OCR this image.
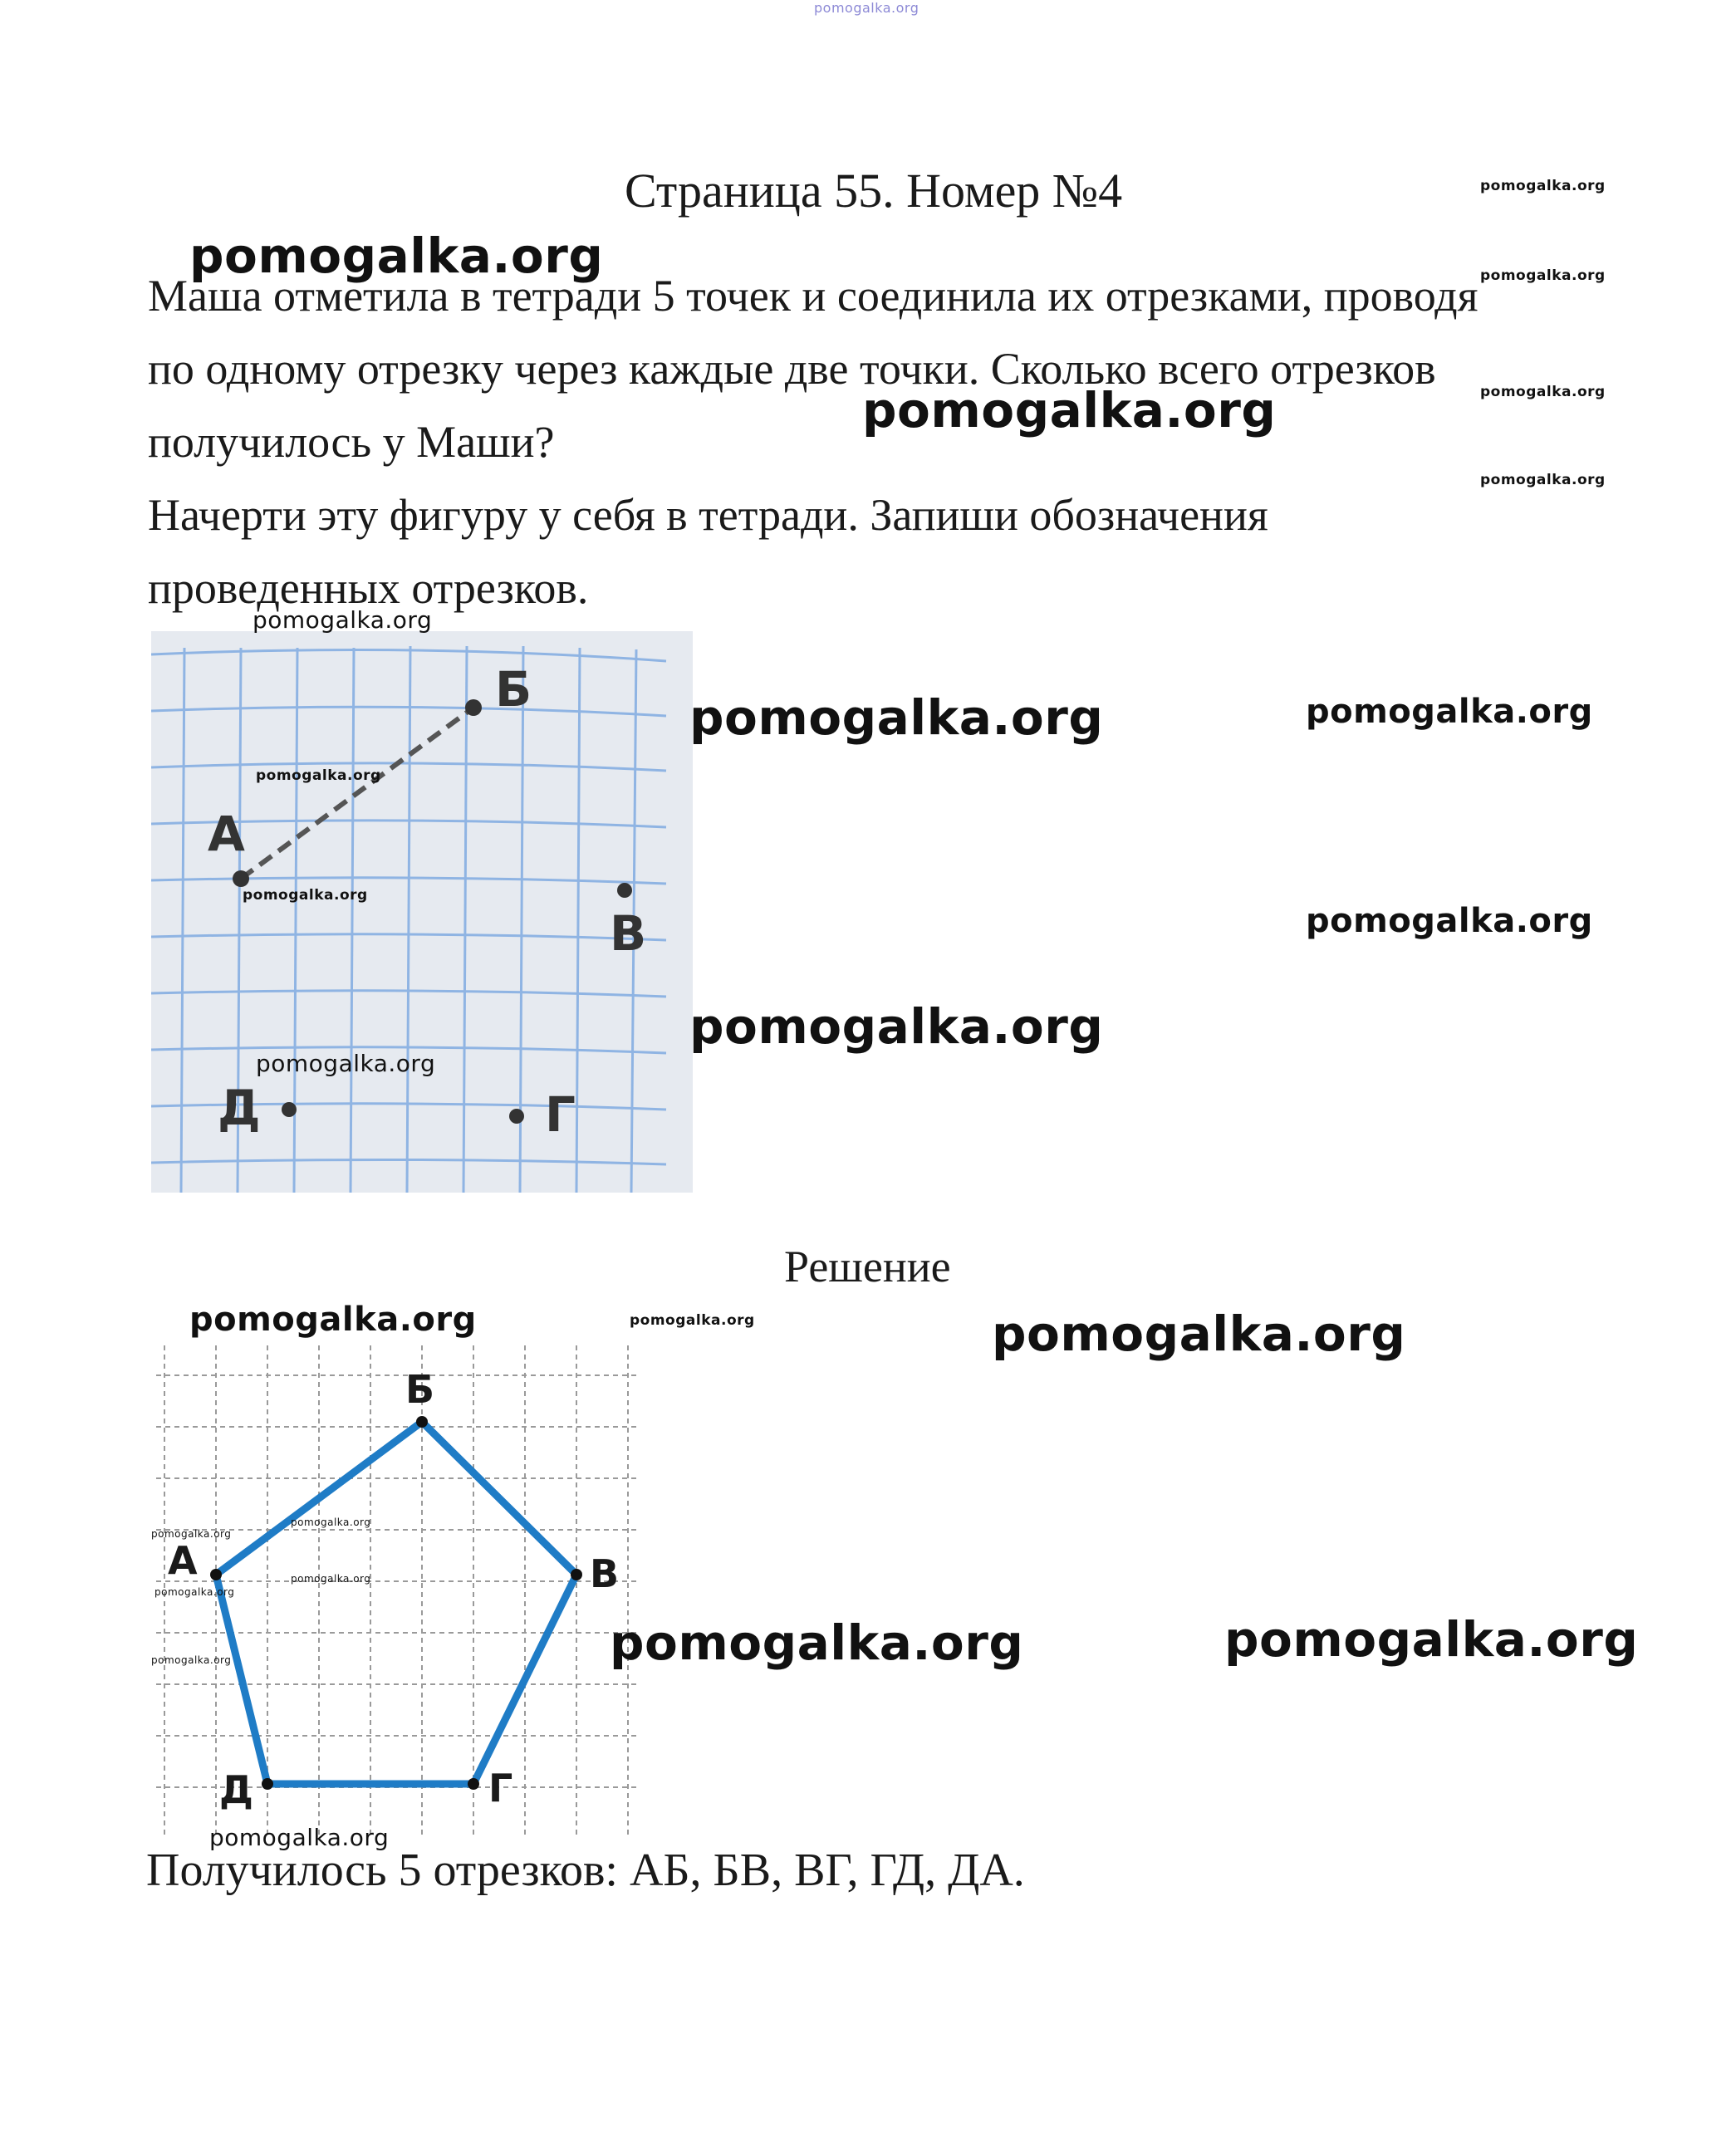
pomogalka.org
Страница 55. Номер №4
Маша отметила в тетради 5 точек и соединила их отрезками, проводя
по одному отрезку через каждые две точки. Сколько всего отрезков
получилось у Маши?
Начерти эту фигуру у себя в тетради. Запиши обозначения
проведенных отрезков.
А
Б
В
Г
Д
Решение
А
Б
В
Г
Д
Получилось 5 отрезков: АБ, БВ, ВГ, ГД, ДА.
pomogalka.org
pomogalka.org	pomogalka.org
pomogalka.org
pomogalka.org
pomogalka.org
pomogalka.org
pomogalka.org	pomogalka.org
pomogalka.org
pomogalka.org
pomogalka.org
pomogalka.org
pomogalka.org
pomogalka.org	pomogalka.org	pomogalka.org
pomogalka.org
pomogalka.org
pomogalka.org
pomogalka.org
pomogalka.org	pomogalka.org	pomogalka.org
pomogalka.org
